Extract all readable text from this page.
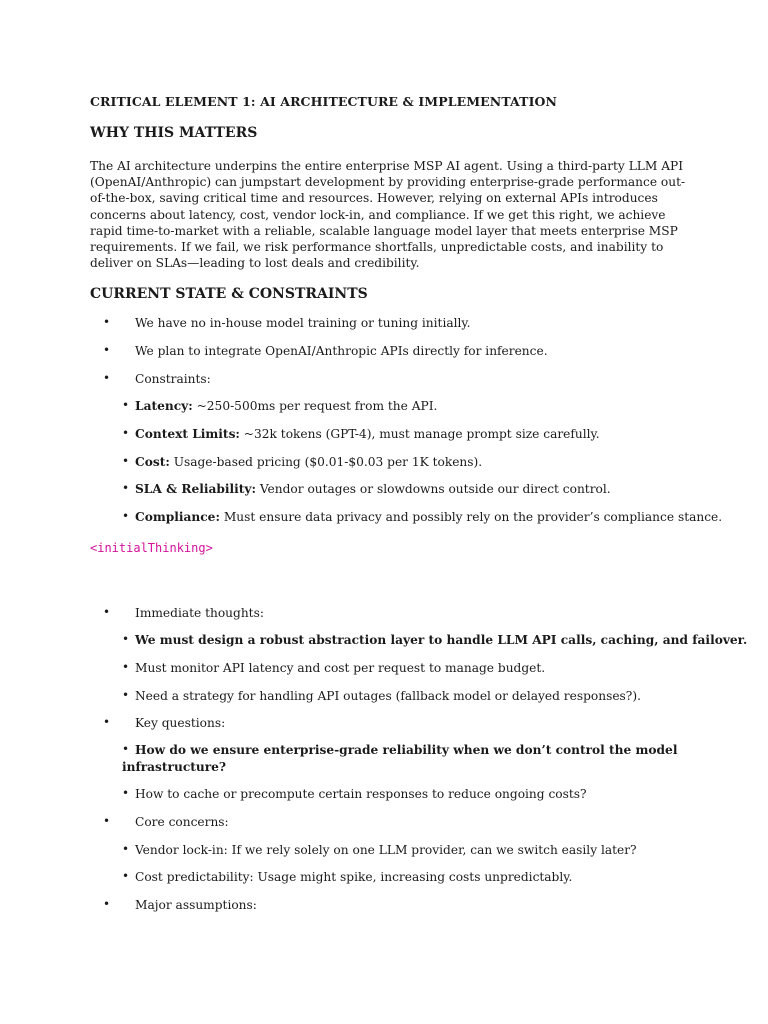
CRITICAL ELEMENT 1: AI ARCHITECTURE & IMPLEMENTATION

WHY THIS MATTERS

The AI architecture underpins the entire enterprise MSP AI agent. Using a third-party LLM API (OpenAI/Anthropic) can jumpstart development by providing enterprise-grade performance out-of-the-box, saving critical time and resources. However, relying on external APIs introduces concerns about latency, cost, vendor lock-in, and compliance. If we get this right, we achieve rapid time-to-market with a reliable, scalable language model layer that meets enterprise MSP requirements. If we fail, we risk performance shortfalls, unpredictable costs, and inability to deliver on SLAs—leading to lost deals and credibility.

CURRENT STATE & CONSTRAINTS

• We have no in-house model training or tuning initially.

• We plan to integrate OpenAI/Anthropic APIs directly for inference.

• Constraints:

• Latency: ~250-500ms per request from the API.

• Context Limits: ~32k tokens (GPT-4), must manage prompt size carefully.

• Cost: Usage-based pricing ($0.01-$0.03 per 1K tokens).

• SLA & Reliability: Vendor outages or slowdowns outside our direct control.

• Compliance: Must ensure data privacy and possibly rely on the provider’s compliance stance.

<initialThinking>

• Immediate thoughts:

• We must design a robust abstraction layer to handle LLM API calls, caching, and failover.

• Must monitor API latency and cost per request to manage budget.

• Need a strategy for handling API outages (fallback model or delayed responses?).

• Key questions:

• How do we ensure enterprise-grade reliability when we don’t control the model infrastructure?

• How to cache or precompute certain responses to reduce ongoing costs?

• Core concerns:

• Vendor lock-in: If we rely solely on one LLM provider, can we switch easily later?

• Cost predictability: Usage might spike, increasing costs unpredictably.

• Major assumptions:
